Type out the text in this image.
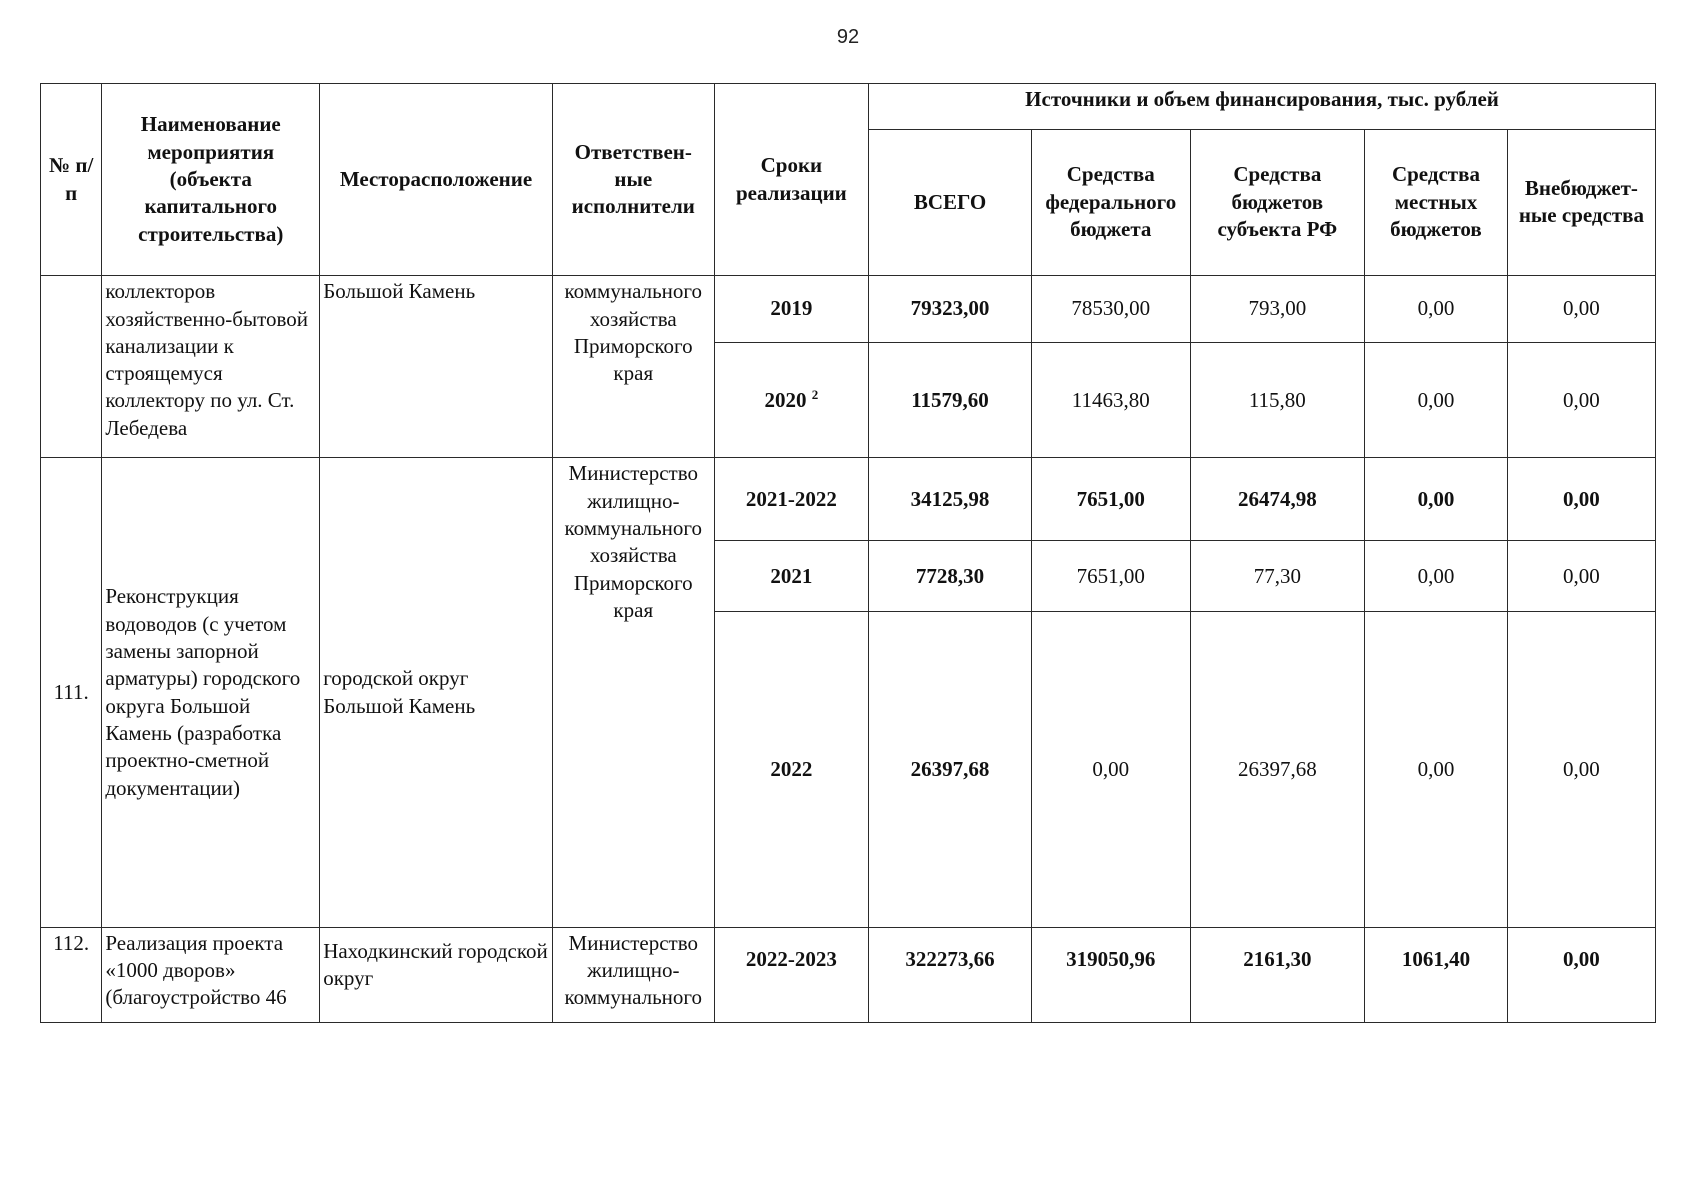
92
№ п/п	Наименование мероприятия (объекта капитального строительства)	Месторасположение	Ответствен-ные исполнители	Сроки реализации	Источники и объем финансирования, тыс. рублей				
					ВСЕГО	Средства федерального бюджета	Средства бюджетов субъекта РФ	Средства местных бюджетов	Внебюджет-ные средства
	коллекторов хозяйственно-бытовой канализации к строящемуся коллектору по ул. Ст. Лебедева	Большой Камень	коммунального хозяйства Приморского края	2019	79323,00	78530,00	793,00	0,00	0,00
				2020 $^2$	11579,60	11463,80	115,80	0,00	0,00
111.	Реконструкция водоводов (с учетом замены запорной арматуры) городского округа Большой Камень (разработка проектно-сметной документации)	городской округ Большой Камень	Министерство жилищно-коммунального хозяйства Приморского края	2021-2022	34125,98	7651,00	26474,98	0,00	0,00
				2021	7728,30	7651,00	77,30	0,00	0,00
				2022	26397,68	0,00	26397,68	0,00	0,00
112.	Реализация проекта «1000 дворов» (благоустройство 46	Находкинский городской округ	Министерство жилищно-коммунального	2022-2023	322273,66	319050,96	2161,30	1061,40	0,00
